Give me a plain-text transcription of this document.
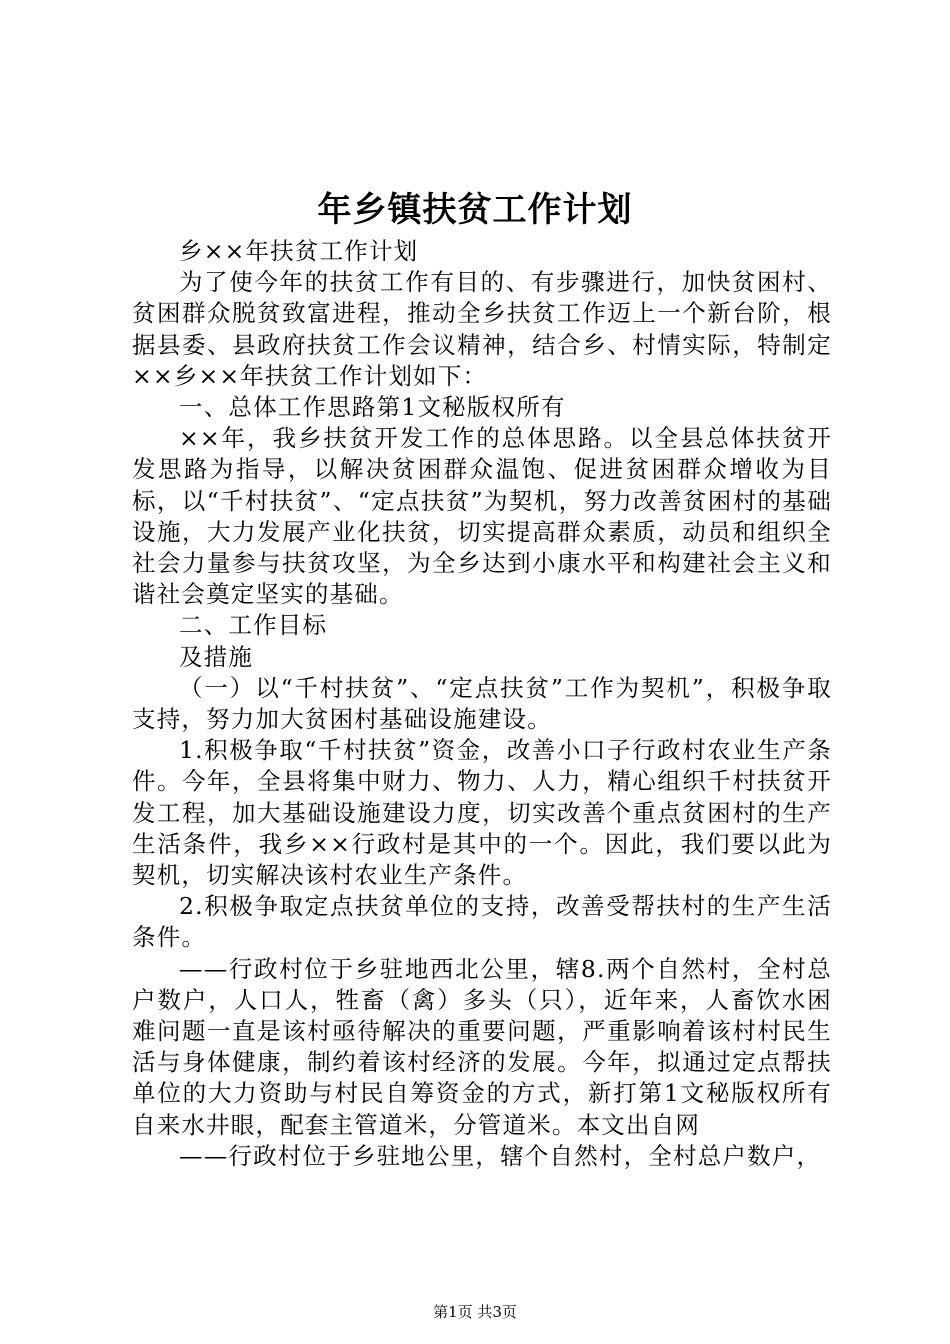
年乡镇扶贫工作计划

乡××年扶贫工作计划

为了使今年的扶贫工作有目的、有步骤进行，加快贫困村、贫困群众脱贫致富进程，推动全乡扶贫工作迈上一个新台阶，根据县委、县政府扶贫工作会议精神，结合乡、村情实际，特制定××乡××年扶贫工作计划如下：

一、总体工作思路第1文秘版权所有

××年，我乡扶贫开发工作的总体思路。以全县总体扶贫开发思路为指导，以解决贫困群众温饱、促进贫困群众增收为目标，以“千村扶贫”、“定点扶贫”为契机，努力改善贫困村的基础设施，大力发展产业化扶贫，切实提高群众素质，动员和组织全社会力量参与扶贫攻坚，为全乡达到小康水平和构建社会主义和谐社会奠定坚实的基础。

二、工作目标

及措施

（一）以“千村扶贫”、“定点扶贫”工作为契机”，积极争取支持，努力加大贫困村基础设施建设。

1.积极争取“千村扶贫”资金，改善小口子行政村农业生产条件。今年，全县将集中财力、物力、人力，精心组织千村扶贫开发工程，加大基础设施建设力度，切实改善个重点贫困村的生产生活条件，我乡××行政村是其中的一个。因此，我们要以此为契机，切实解决该村农业生产条件。

2.积极争取定点扶贫单位的支持，改善受帮扶村的生产生活条件。

——行政村位于乡驻地西北公里，辖8.两个自然村，全村总户数户，人口人，牲畜（禽）多头（只），近年来，人畜饮水困难问题一直是该村亟待解决的重要问题，严重影响着该村村民生活与身体健康，制约着该村经济的发展。今年，拟通过定点帮扶单位的大力资助与村民自筹资金的方式，新打第1文秘版权所有自来水井眼，配套主管道米，分管道米。本文出自网

——行政村位于乡驻地公里，辖个自然村，全村总户数户，

第1页 共3页
